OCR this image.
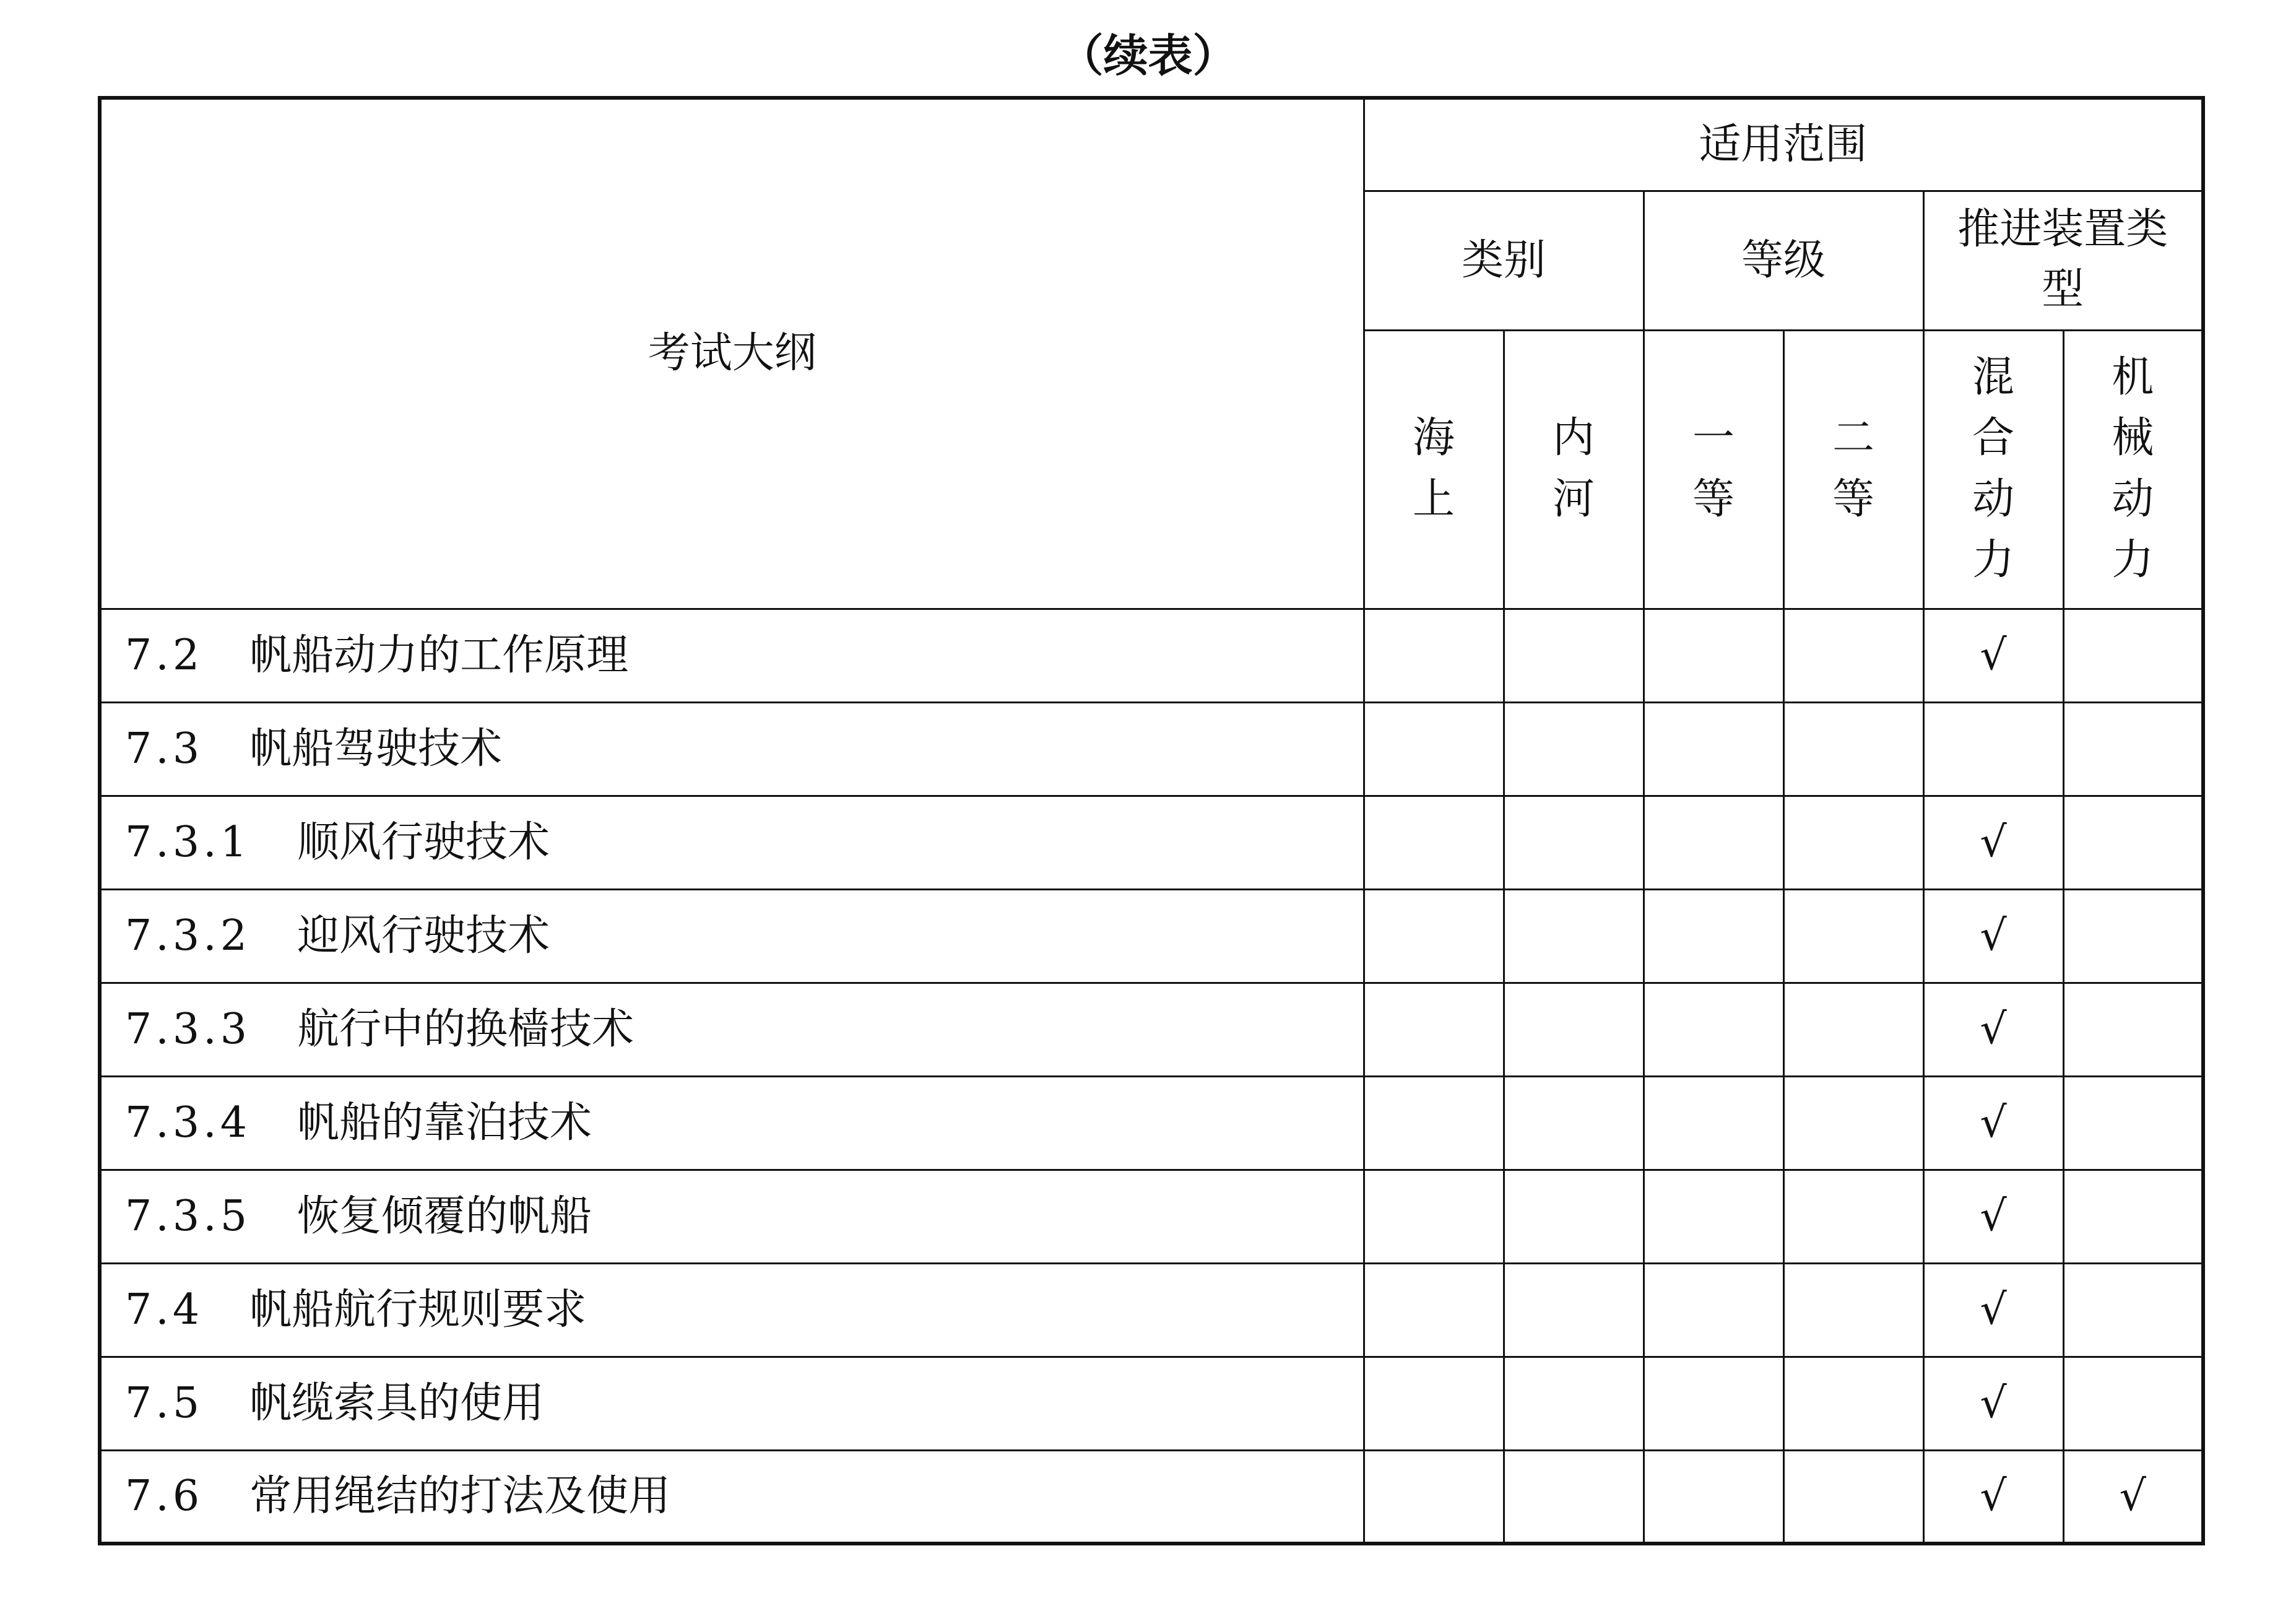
（续表）
考试大纲	适用范围					
	类别		等级		推进装置类型	
	海上	内河	一等	二等	混合动力	机械动力
7.2 帆船动力的工作原理					√	
7.3 帆船驾驶技术						
7.3.1 顺风行驶技术					√	
7.3.2 迎风行驶技术					√	
7.3.3 航行中的换樯技术					√	
7.3.4 帆船的靠泊技术					√	
7.3.5 恢复倾覆的帆船					√	
7.4 帆船航行规则要求					√	
7.5 帆缆索具的使用					√	
7.6 常用绳结的打法及使用					√	√
